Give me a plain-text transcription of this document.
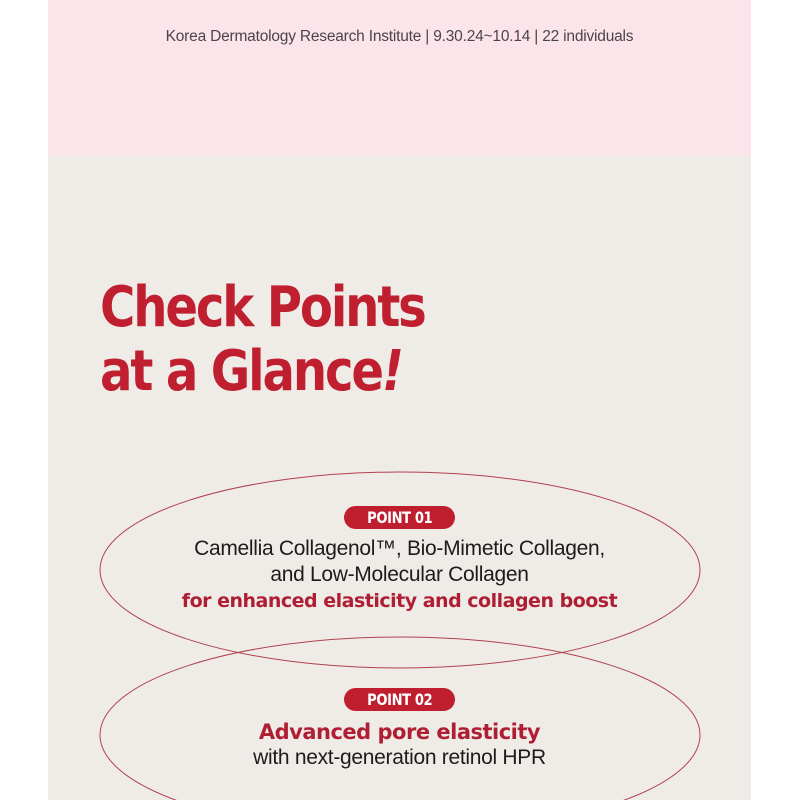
Korea Dermatology Research Institute | 9.30.24~10.14 | 22 individuals
Check Points
at a Glance!
POINT 01
Camellia Collagenol™, Bio-Mimetic Collagen,
and Low-Molecular Collagen
for enhanced elasticity and collagen boost
POINT 02
Advanced pore elasticity
with next-generation retinol HPR
